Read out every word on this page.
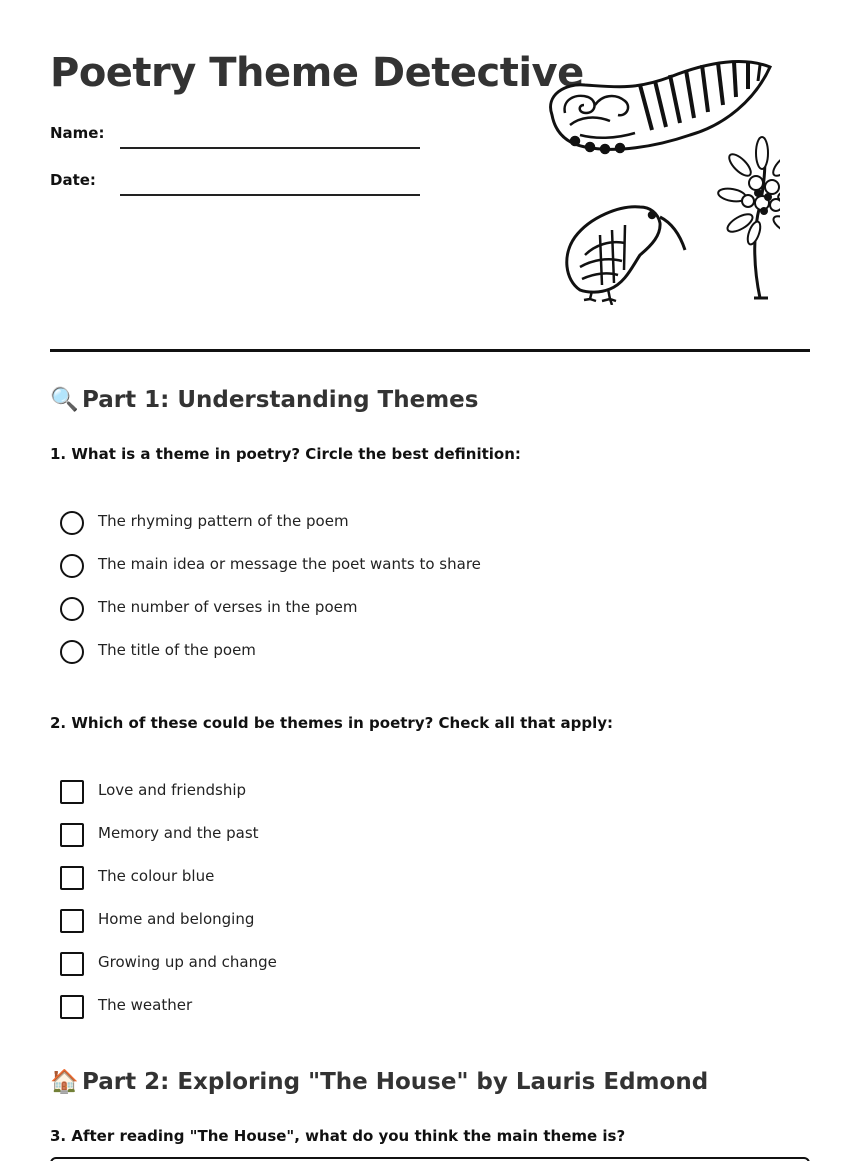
Poetry Theme Detective
Name:
Date:
🔍 Part 1: Understanding Themes
1. What is a theme in poetry? Circle the best definition:
The rhyming pattern of the poem
The main idea or message the poet wants to share
The number of verses in the poem
The title of the poem
2. Which of these could be themes in poetry? Check all that apply:
Love and friendship
Memory and the past
The colour blue
Home and belonging
Growing up and change
The weather
🏠 Part 2: Exploring "The House" by Lauris Edmond
3. After reading "The House", what do you think the main theme is?
